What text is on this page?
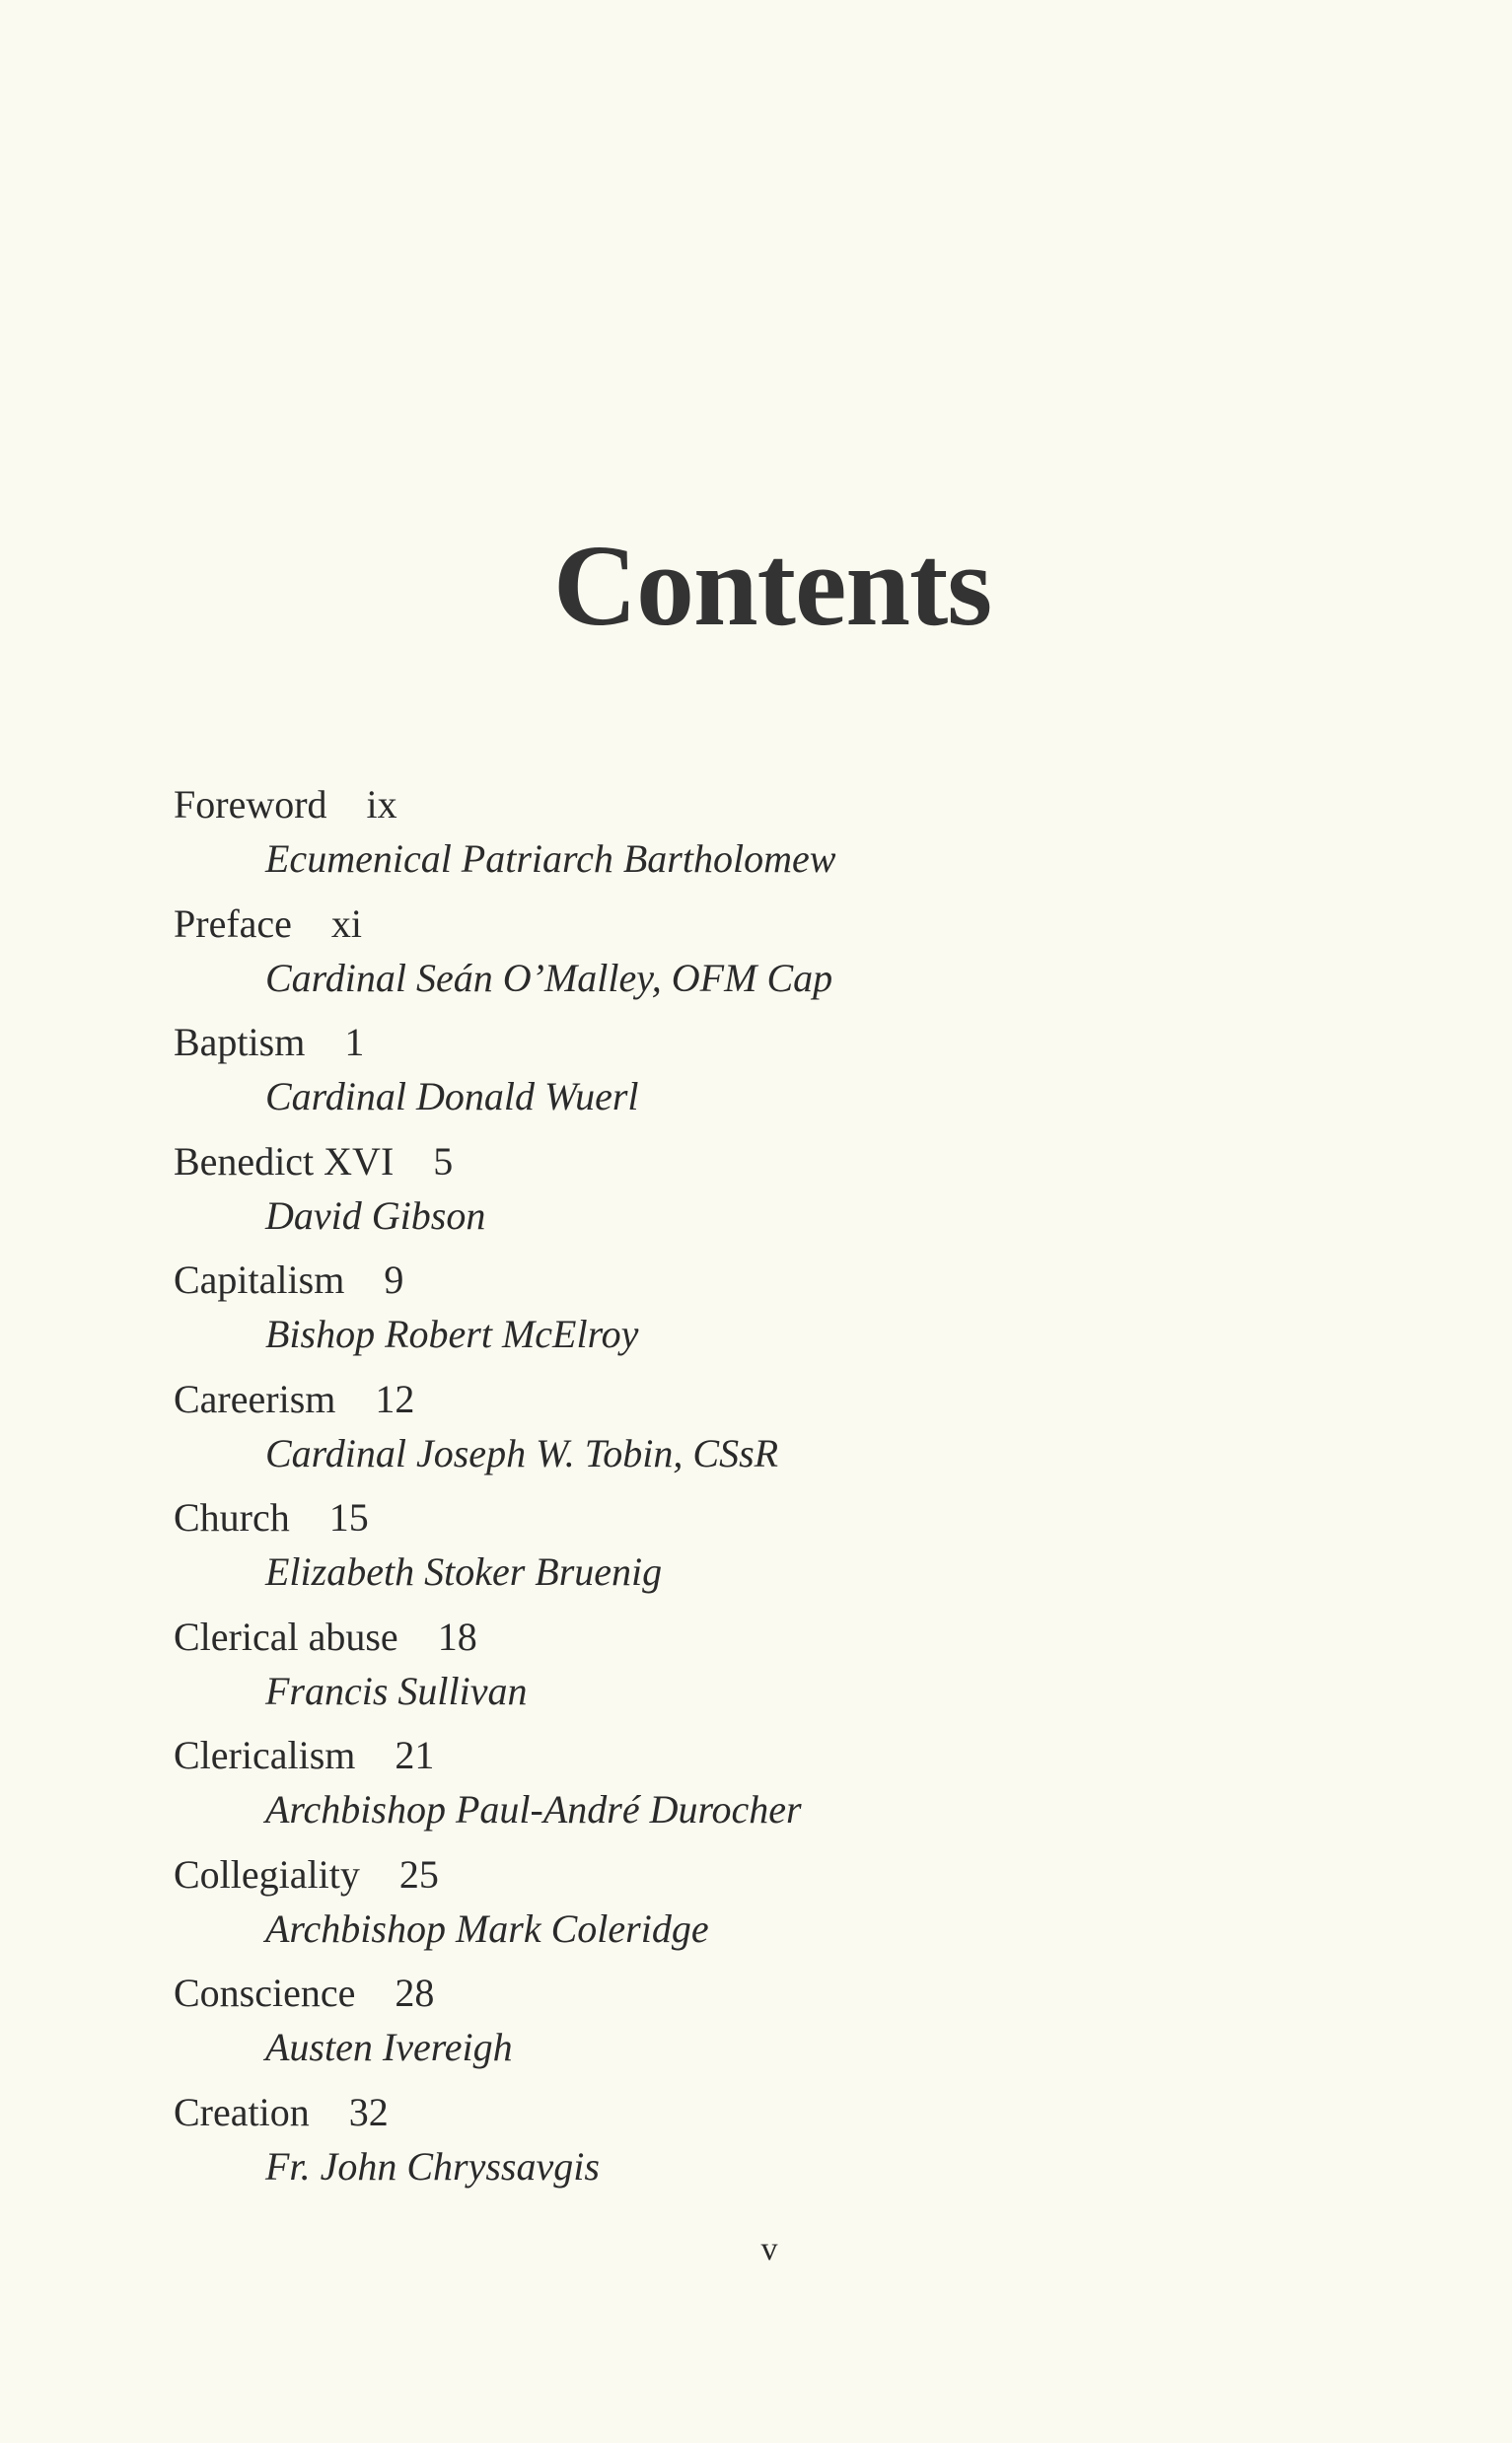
Contents
Foreword ix
Ecumenical Patriarch Bartholomew
Preface xi
Cardinal Seán O’Malley, OFM Cap
Baptism 1
Cardinal Donald Wuerl
Benedict XVI 5
David Gibson
Capitalism 9
Bishop Robert McElroy
Careerism 12
Cardinal Joseph W. Tobin, CSsR
Church 15
Elizabeth Stoker Bruenig
Clerical abuse 18
Francis Sullivan
Clericalism 21
Archbishop Paul-André Durocher
Collegiality 25
Archbishop Mark Coleridge
Conscience 28
Austen Ivereigh
Creation 32
Fr. John Chryssavgis
v
